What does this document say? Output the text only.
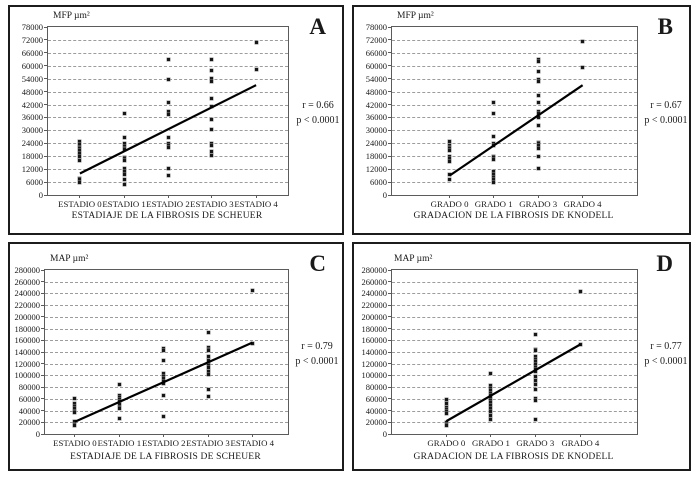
MFP µm²
0
6000
12000
18000
24000
30000
36000
42000
48000
54000
60000
66000
72000
78000
ESTADIO 0 ESTADIO 1 ESTADIO 2 ESTADIO 3 ESTADIO 4
ESTADIAJE DE LA FIBROSIS DE SCHEUER
r = 0.66
p < 0.0001
A	MFP µm²
0
6000
12000
18000
24000
30000
36000
42000
48000
54000
60000
66000
72000
78000
GRADO 0 GRADO 1 GRADO 3 GRADO 4
GRADACION DE LA FIBROSIS DE KNODELL
r = 0.67
p < 0.0001
B
MAP µm²
0
20000
40000
60000
80000
100000
120000
140000
160000
180000
200000
220000
240000
260000
280000
ESTADIO 0 ESTADIO 1 ESTADIO 2 ESTADIO 3 ESTADIO 4
ESTADIAJE DE LA FIBROSIS DE SCHEUER
r = 0.79
p < 0.0001
C	MAP µm²
0
20000
40000
60000
80000
100000
120000
140000
160000
180000
200000
220000
240000
260000
280000
GRADO 0 GRADO 1 GRADO 3 GRADO 4
GRADACION DE LA FIBROSIS DE KNODELL
r = 0.77
p < 0.0001
D
